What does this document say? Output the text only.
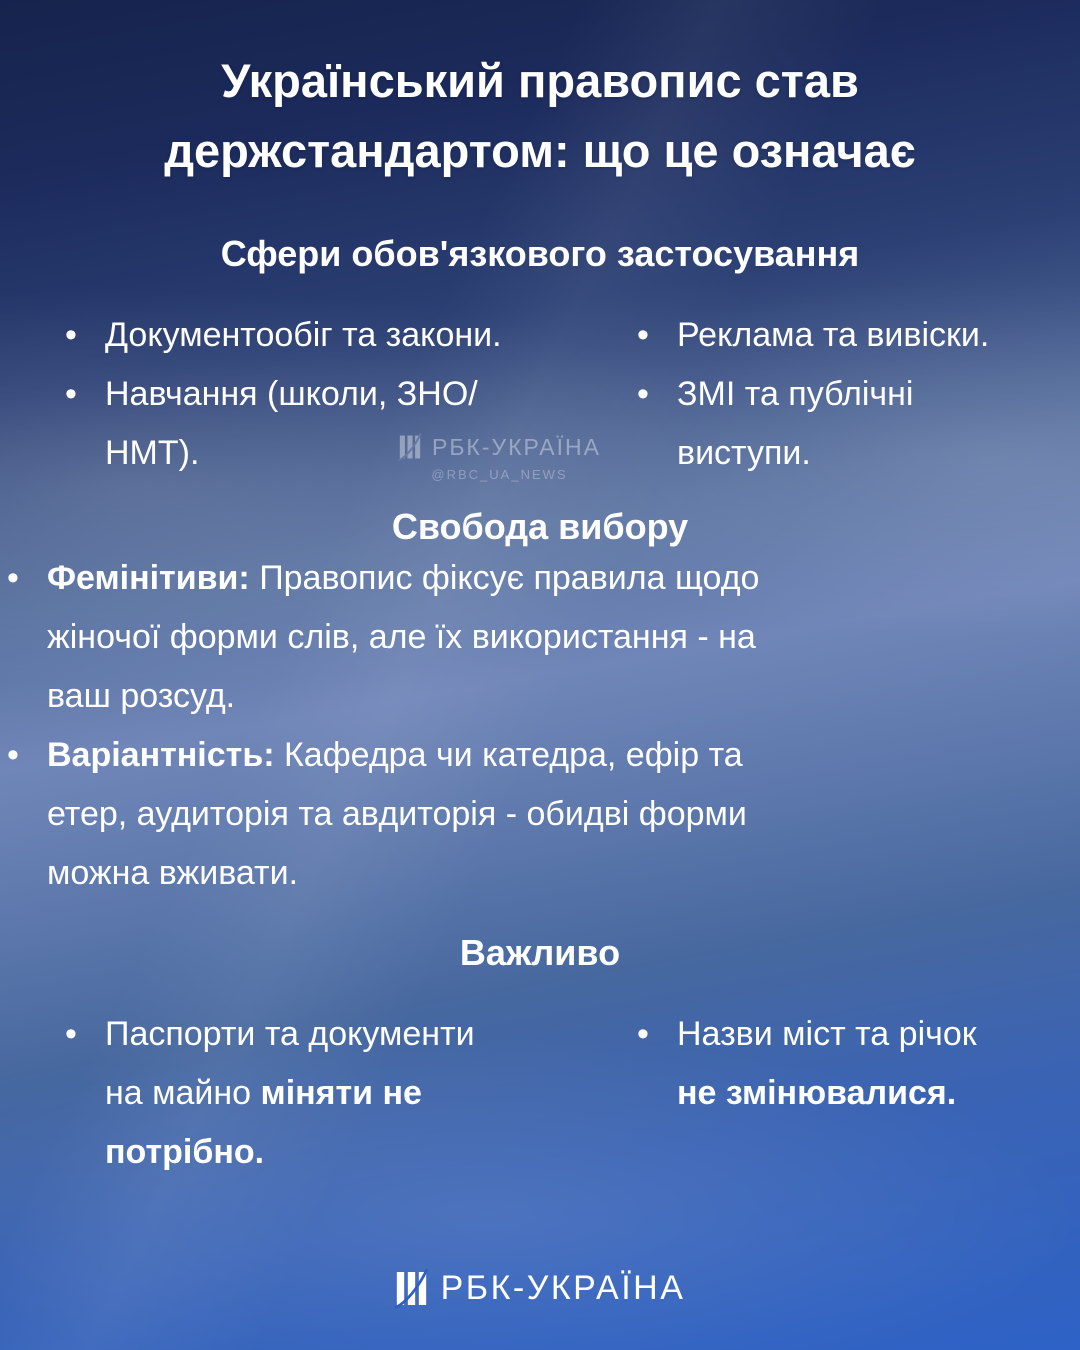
Український правопис став держстандартом: що це означає
Сфери обов'язкового застосування
• Документообіг та закони.
• Навчання (школи, ЗНО/НМТ).
• Реклама та вивіски.
• ЗМІ та публічні виступи.
Свобода вибору
• Фемінітиви: Правопис фіксує правила щодо жіночої форми слів, але їх використання - на ваш розсуд.
• Варіантність: Кафедра чи катедра, ефір та етер, аудиторія та авдиторія - обидві форми можна вживати.
Важливо
• Паспорти та документи на майно міняти не потрібно.
• Назви міст та річок не змінювалися.
РБК-УКРАЇНА
@RBC_UA_NEWS
РБК-УКРАЇНА
